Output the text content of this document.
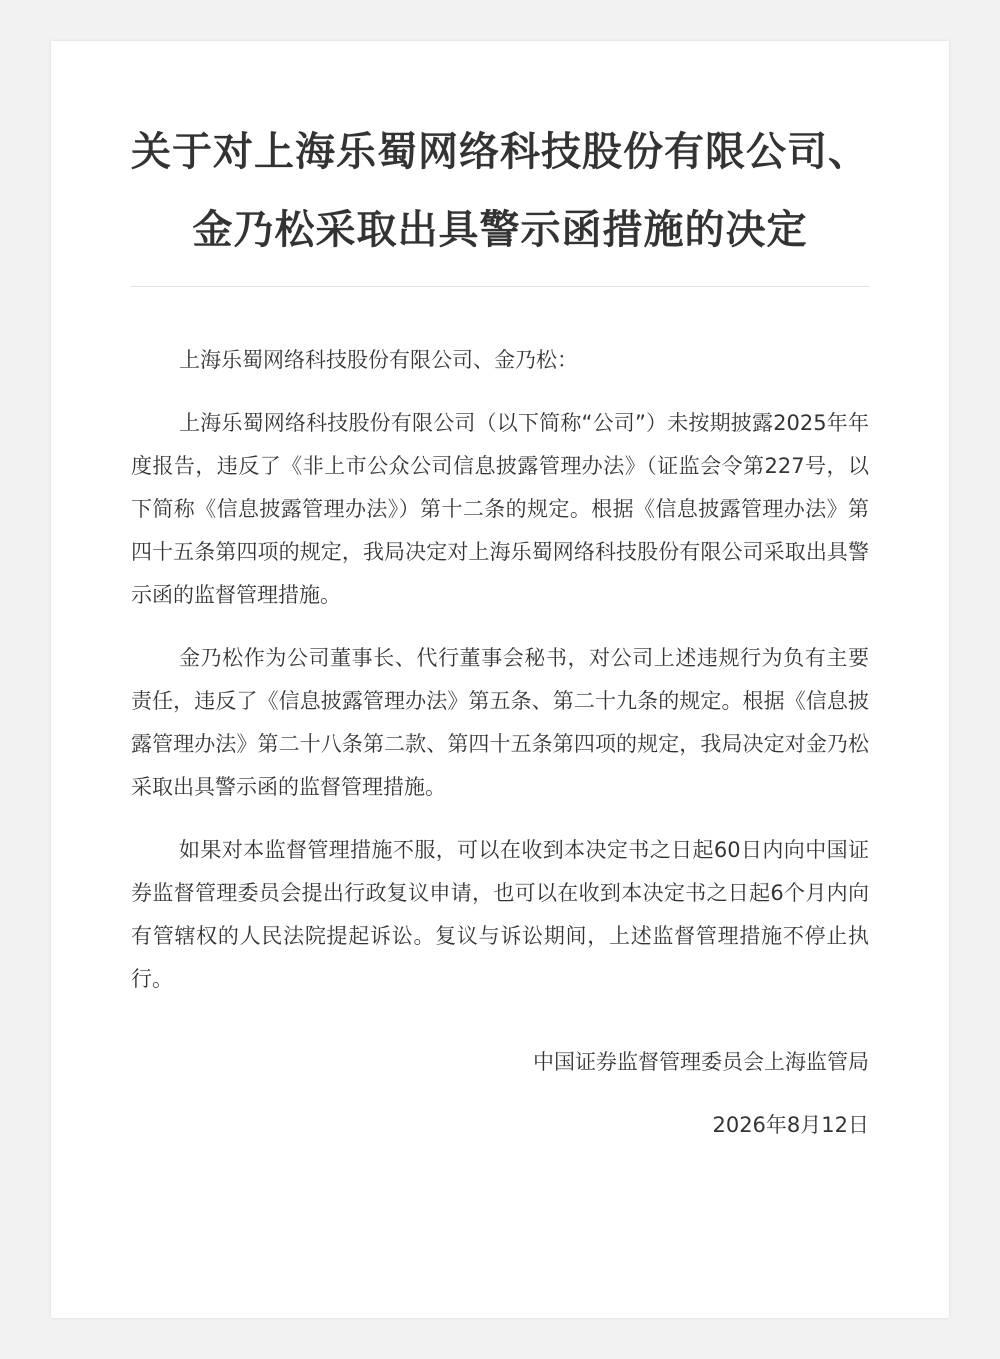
关于对上海乐蜀网络科技股份有限公司、金乃松采取出具警示函措施的决定

上海乐蜀网络科技股份有限公司、金乃松：

上海乐蜀网络科技股份有限公司（以下简称“公司”）未按期披露2025年年度报告，违反了《非上市公众公司信息披露管理办法》（证监会令第227号，以下简称《信息披露管理办法》）第十二条的规定。根据《信息披露管理办法》第四十五条第四项的规定，我局决定对上海乐蜀网络科技股份有限公司采取出具警示函的监督管理措施。

金乃松作为公司董事长、代行董事会秘书，对公司上述违规行为负有主要责任，违反了《信息披露管理办法》第五条、第二十九条的规定。根据《信息披露管理办法》第二十八条第二款、第四十五条第四项的规定，我局决定对金乃松采取出具警示函的监督管理措施。

如果对本监督管理措施不服，可以在收到本决定书之日起60日内向中国证券监督管理委员会提出行政复议申请，也可以在收到本决定书之日起6个月内向有管辖权的人民法院提起诉讼。复议与诉讼期间，上述监督管理措施不停止执行。

中国证券监督管理委员会上海监管局
2026年8月12日
